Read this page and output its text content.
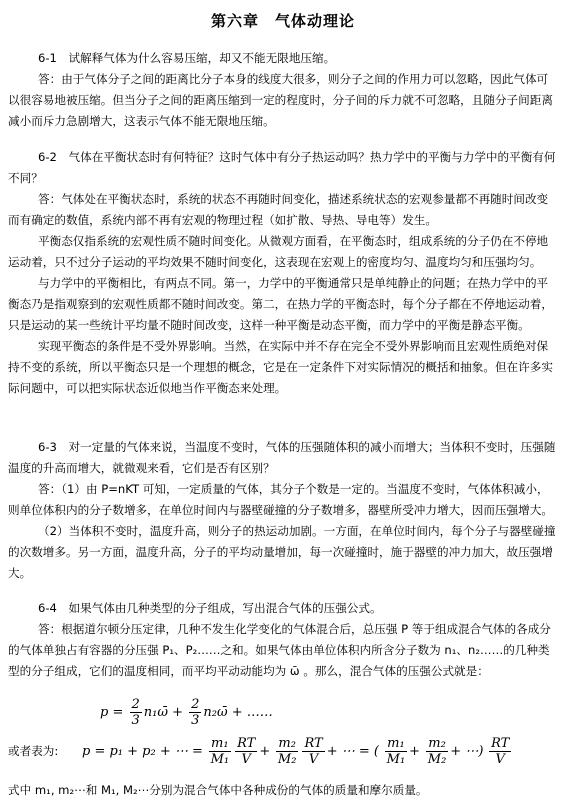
第六章　气体动理论
6-1　试解释气体为什么容易压缩，却又不能无限地压缩。
答：由于气体分子之间的距离比分子本身的线度大很多，则分子之间的作用力可以忽略，因此气体可以很容易地被压缩。但当分子之间的距离压缩到一定的程度时，分子间的斥力就不可忽略，且随分子间距离减小而斥力急剧增大，这表示气体不能无限地压缩。
6-2　气体在平衡状态时有何特征？这时气体中有分子热运动吗？热力学中的平衡与力学中的平衡有何不同？
答：气体处在平衡状态时，系统的状态不再随时间变化，描述系统状态的宏观参量都不再随时间改变而有确定的数值，系统内部不再有宏观的物理过程（如扩散、导热、导电等）发生。
平衡态仅指系统的宏观性质不随时间变化。从微观方面看，在平衡态时，组成系统的分子仍在不停地运动着，只不过分子运动的平均效果不随时间变化，这表现在宏观上的密度均匀、温度均匀和压强均匀。
与力学中的平衡相比，有两点不同。第一，力学中的平衡通常只是单纯静止的问题；在热力学中的平衡态乃是指观察到的宏观性质都不随时间改变。第二，在热力学的平衡态时，每个分子都在不停地运动着，只是运动的某一些统计平均量不随时间改变，这样一种平衡是动态平衡，而力学中的平衡是静态平衡。
实现平衡态的条件是不受外界影响。当然，在实际中并不存在完全不受外界影响而且宏观性质绝对保持不变的系统，所以平衡态只是一个理想的概念，它是在一定条件下对实际情况的概括和抽象。但在许多实际问题中，可以把实际状态近似地当作平衡态来处理。
6-3　对一定量的气体来说，当温度不变时，气体的压强随体积的减小而增大；当体积不变时，压强随温度的升高而增大，就微观来看，它们是否有区别？
答：（1）由 P=nKT 可知，一定质量的气体，其分子个数是一定的。当温度不变时，气体体积减小，则单位体积内的分子数增多，在单位时间内与器壁碰撞的分子数增多，器壁所受冲力增大，因而压强增大。
（2）当体积不变时，温度升高，则分子的热运动加剧。一方面，在单位时间内，每个分子与器壁碰撞的次数增多。另一方面，温度升高，分子的平均动量增加，每一次碰撞时，施于器壁的冲力加大，故压强增大。
6-4　如果气体由几种类型的分子组成，写出混合气体的压强公式。
答：根据道尔顿分压定律，几种不发生化学变化的气体混合后，总压强 P 等于组成混合气体的各成分的气体单独占有容器的分压强 P₁、P₂……之和。如果气体由单位体积内所含分子数为 n₁、n₂……的几种类型的分子组成，它们的温度相同，而平均平动动能均为 ω̄ 。那么，混合气体的压强公式就是：
$p = \frac{2}{3}$ n₁ω̄ + $\frac{2}{3}$ n₂ω̄ + ……
或者表为: p = p₁ + p₂ + ⋯ = $\frac{\text{m₁}}{\text{M₁}} \frac{RT}{V} + \frac{\text{m₂}}{\text{M₂}} \frac{RT}{V}$ + ⋯ = ( $\frac{\text{m₁}}{\text{M₁}} + \frac{\text{m₂}}{\text{M₂}}$ + ⋯) $\frac{RT}{V}$
式中 m₁, m₂⋯和 M₁, M₂⋯分别为混合气体中各种成份的气体的质量和摩尔质量。
